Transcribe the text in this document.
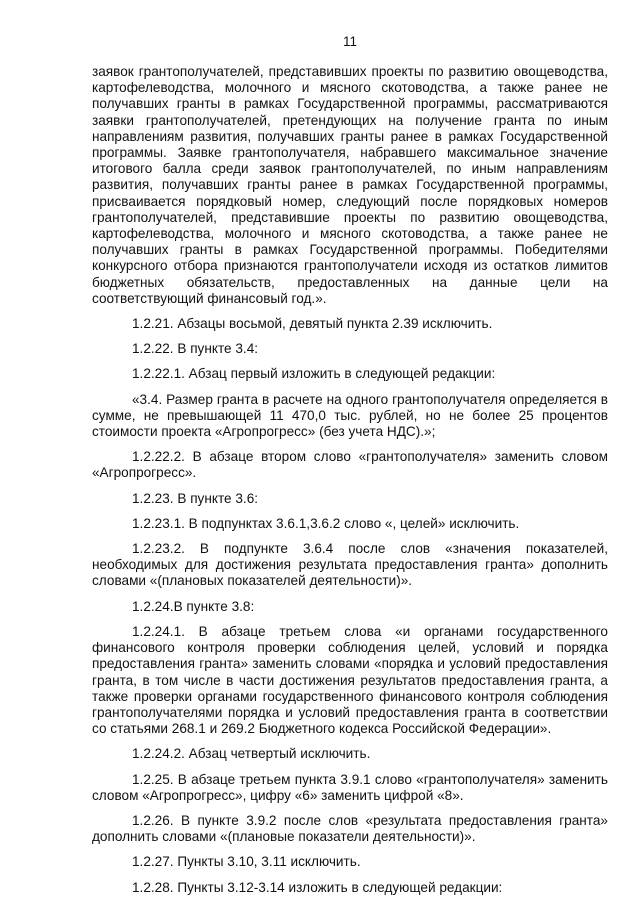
11

заявок грантополучателей, представивших проекты по развитию овощеводства, картофелеводства, молочного и мясного скотоводства, а также ранее не получавших гранты в рамках Государственной программы, рассматриваются заявки грантополучателей, претендующих на получение гранта по иным направлениям развития, получавших гранты ранее в рамках Государственной программы. Заявке грантополучателя, набравшего максимальное значение итогового балла среди заявок грантополучателей, по иным направлениям развития, получавших гранты ранее в рамках Государственной программы, присваивается порядковый номер, следующий после порядковых номеров грантополучателей, представившие проекты по развитию овощеводства, картофелеводства, молочного и мясного скотоводства, а также ранее не получавших гранты в рамках Государственной программы. Победителями конкурсного отбора признаются грантополучатели исходя из остатков лимитов бюджетных обязательств, предоставленных на данные цели на соответствующий финансовый год.».

1.2.21. Абзацы восьмой, девятый пункта 2.39 исключить.

1.2.22. В пункте 3.4:

1.2.22.1. Абзац первый изложить в следующей редакции:

«3.4. Размер гранта в расчете на одного грантополучателя определяется в сумме, не превышающей 11 470,0 тыс. рублей, но не более 25 процентов стоимости проекта «Агропрогресс» (без учета НДС).»;

1.2.22.2. В абзаце втором слово «грантополучателя» заменить словом «Агропрогресс».

1.2.23. В пункте 3.6:

1.2.23.1. В подпунктах 3.6.1,3.6.2 слово «, целей» исключить.

1.2.23.2. В подпункте 3.6.4 после слов «значения показателей, необходимых для достижения результата предоставления гранта» дополнить словами «(плановых показателей деятельности)».

1.2.24.В пункте 3.8:

1.2.24.1. В абзаце третьем слова «и органами государственного финансового контроля проверки соблюдения целей, условий и порядка предоставления гранта» заменить словами «порядка и условий предоставления гранта, в том числе в части достижения результатов предоставления гранта, а также проверки органами государственного финансового контроля соблюдения грантополучателями порядка и условий предоставления гранта в соответствии со статьями 268.1 и 269.2 Бюджетного кодекса Российской Федерации».

1.2.24.2. Абзац четвертый исключить.

1.2.25. В абзаце третьем пункта 3.9.1 слово «грантополучателя» заменить словом «Агропрогресс», цифру «6» заменить цифрой «8».

1.2.26. В пункте 3.9.2 после слов «результата предоставления гранта» дополнить словами «(плановые показатели деятельности)».

1.2.27. Пункты 3.10, 3.11 исключить.

1.2.28. Пункты 3.12-3.14 изложить в следующей редакции:
